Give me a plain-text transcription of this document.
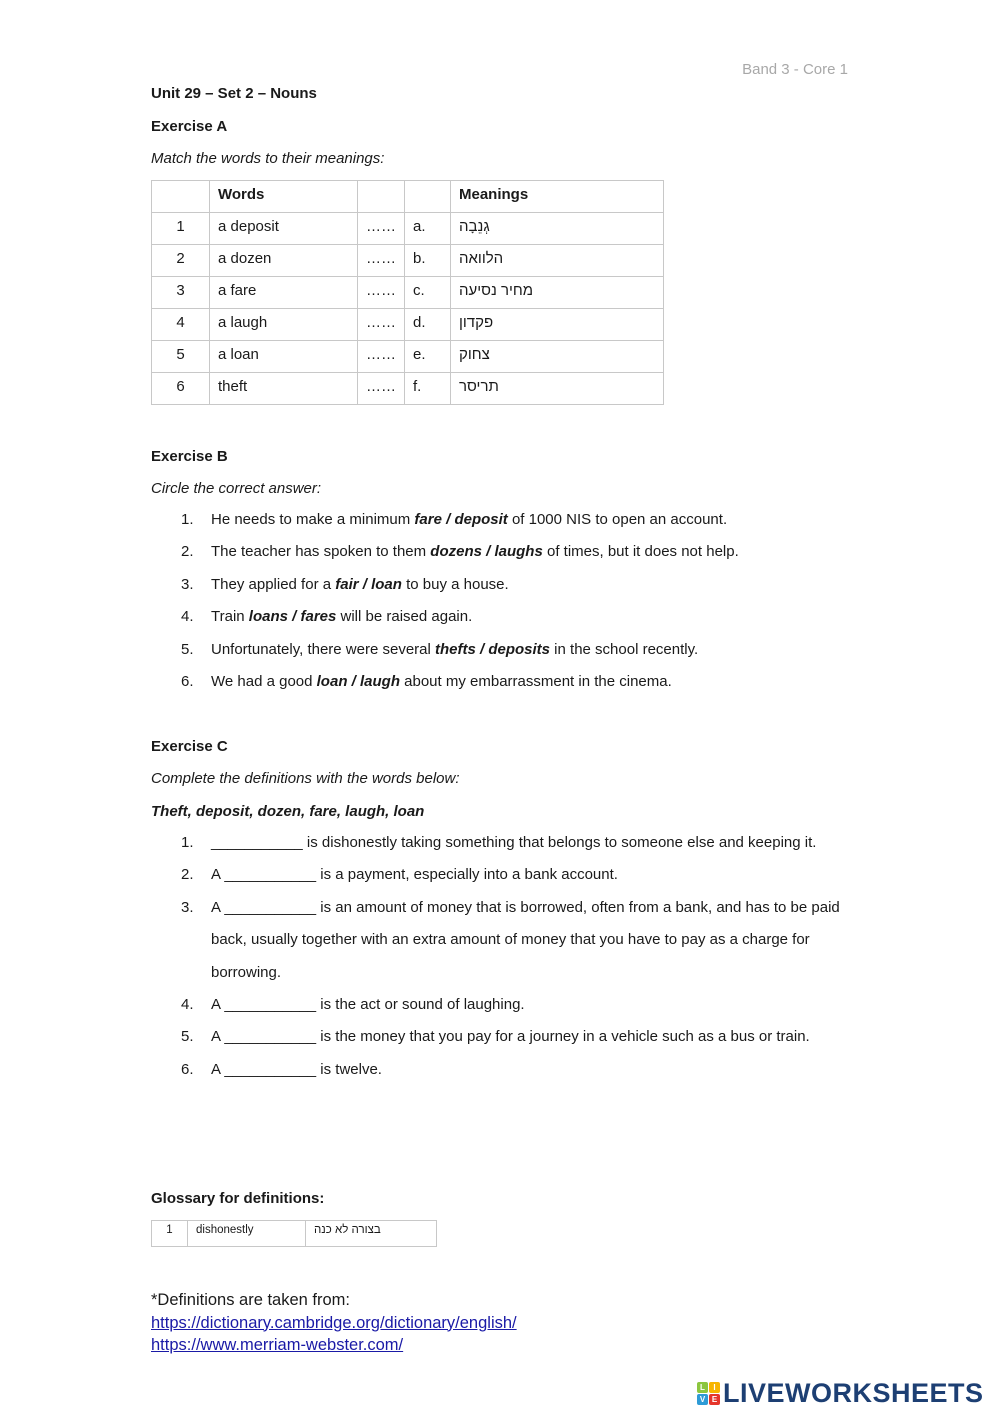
Band 3 - Core 1
Unit 29 – Set 2 – Nouns
Exercise A
Match the words to their meanings:
	Words			Meanings
1	a deposit	……	a.	גְנֵבָה
2	a dozen	……	b.	הלוואה
3	a fare	……	c.	מחיר נסיעה
4	a laugh	……	d.	פקדון
5	a loan	……	e.	צחוק
6	theft	……	f.	תריסר
Exercise B
Circle the correct answer:
1. He needs to make a minimum fare / deposit of 1000 NIS to open an account.
2. The teacher has spoken to them dozens / laughs of times, but it does not help.
3. They applied for a fair / loan to buy a house.
4. Train loans / fares will be raised again.
5. Unfortunately, there were several thefts / deposits in the school recently.
6. We had a good loan / laugh about my embarrassment in the cinema.
Exercise C
Complete the definitions with the words below:
Theft, deposit, dozen, fare, laugh, loan
1. ___________ is dishonestly taking something that belongs to someone else and keeping it.
2. A ___________ is a payment, especially into a bank account.
3. A ___________ is an amount of money that is borrowed, often from a bank, and has to be paid back, usually together with an extra amount of money that you have to pay as a charge for borrowing.
4. A ___________ is the act or sound of laughing.
5. A ___________ is the money that you pay for a journey in a vehicle such as a bus or train.
6. A ___________ is twelve.
Glossary for definitions:
1	dishonestly	בצורה לא כנה
*Definitions are taken from:
https://dictionary.cambridge.org/dictionary/english/
https://www.merriam-webster.com/
L	I
V E LIVEWORKSHEETS
